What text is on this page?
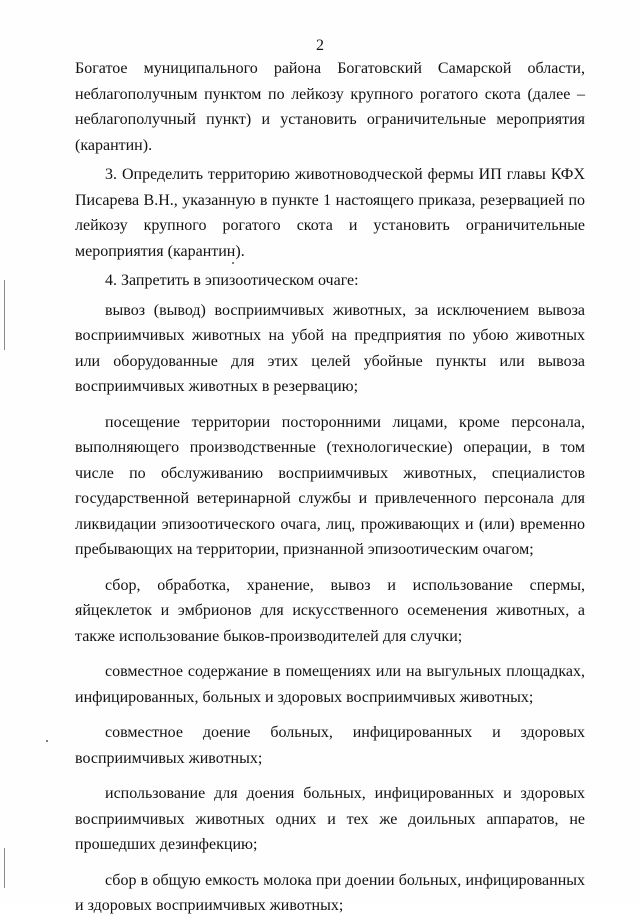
2

Богатое муниципального района Богатовский Самарской области, неблагополучным пунктом по лейкозу крупного рогатого скота (далее – неблагополучный пункт) и установить ограничительные мероприятия (карантин).

3. Определить территорию животноводческой фермы ИП главы КФХ Писарева В.Н., указанную в пункте 1 настоящего приказа, резервацией по лейкозу крупного рогатого скота и установить ограничительные мероприятия (карантин).

4. Запретить в эпизоотическом очаге:

вывоз (вывод) восприимчивых животных, за исключением вывоза восприимчивых животных на убой на предприятия по убою животных или оборудованные для этих целей убойные пункты или вывоза восприимчивых животных в резервацию;

посещение территории посторонними лицами, кроме персонала, выполняющего производственные (технологические) операции, в том числе по обслуживанию восприимчивых животных, специалистов государственной ветеринарной службы и привлеченного персонала для ликвидации эпизоотического очага, лиц, проживающих и (или) временно пребывающих на территории, признанной эпизоотическим очагом;

сбор, обработка, хранение, вывоз и использование спермы, яйцеклеток и эмбрионов для искусственного осеменения животных, а также использование быков-производителей для случки;

совместное содержание в помещениях или на выгульных площадках, инфицированных, больных и здоровых восприимчивых животных;

совместное доение больных, инфицированных и здоровых восприимчивых животных;

использование для доения больных, инфицированных и здоровых восприимчивых животных одних и тех же доильных аппаратов, не прошедших дезинфекцию;

сбор в общую емкость молока при доении больных, инфицированных и здоровых восприимчивых животных;
